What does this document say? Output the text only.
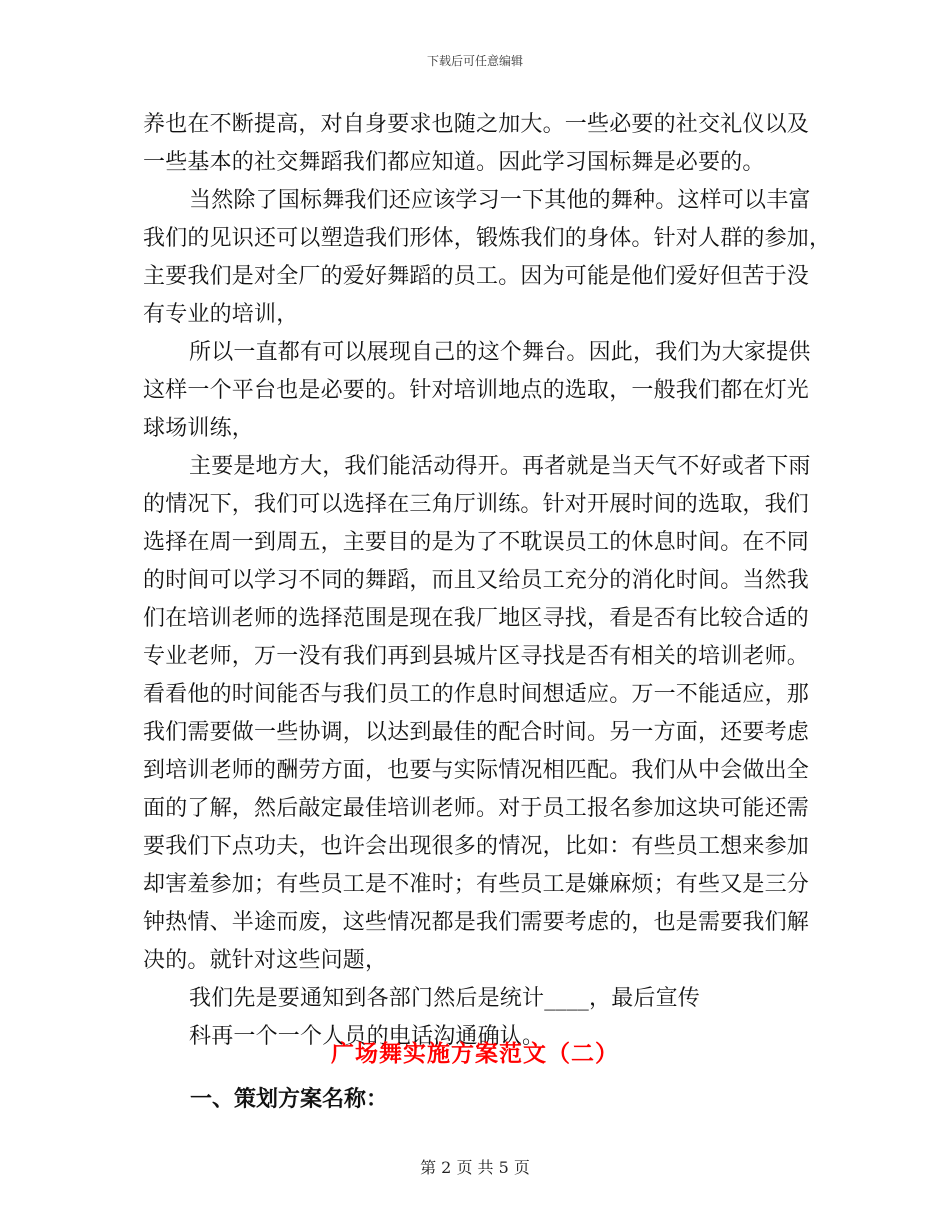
下载后可任意编辑
养也在不断提高，对自身要求也随之加大。一些必要的社交礼仪以及
一些基本的社交舞蹈我们都应知道。因此学习国标舞是必要的。
当然除了国标舞我们还应该学习一下其他的舞种。这样可以丰富
我们的见识还可以塑造我们形体，锻炼我们的身体。针对人群的参加，
主要我们是对全厂的爱好舞蹈的员工。因为可能是他们爱好但苦于没
有专业的培训，
所以一直都有可以展现自己的这个舞台。因此，我们为大家提供
这样一个平台也是必要的。针对培训地点的选取，一般我们都在灯光
球场训练，
主要是地方大，我们能活动得开。再者就是当天气不好或者下雨
的情况下，我们可以选择在三角厅训练。针对开展时间的选取，我们
选择在周一到周五，主要目的是为了不耽误员工的休息时间。在不同
的时间可以学习不同的舞蹈，而且又给员工充分的消化时间。当然我
们在培训老师的选择范围是现在我厂地区寻找，看是否有比较合适的
专业老师，万一没有我们再到县城片区寻找是否有相关的培训老师。
看看他的时间能否与我们员工的作息时间想适应。万一不能适应，那
我们需要做一些协调，以达到最佳的配合时间。另一方面，还要考虑
到培训老师的酬劳方面，也要与实际情况相匹配。我们从中会做出全
面的了解，然后敲定最佳培训老师。对于员工报名参加这块可能还需
要我们下点功夫，也许会出现很多的情况，比如：有些员工想来参加
却害羞参加；有些员工是不准时；有些员工是嫌麻烦；有些又是三分
钟热情、半途而废，这些情况都是我们需要考虑的，也是需要我们解
决的。就针对这些问题，
我们先是要通知到各部门然后是统计____，最后宣传
科再一个一个人员的电话沟通确认。
广场舞实施方案范文（二）
一、策划方案名称：
第 2 页 共 5 页
